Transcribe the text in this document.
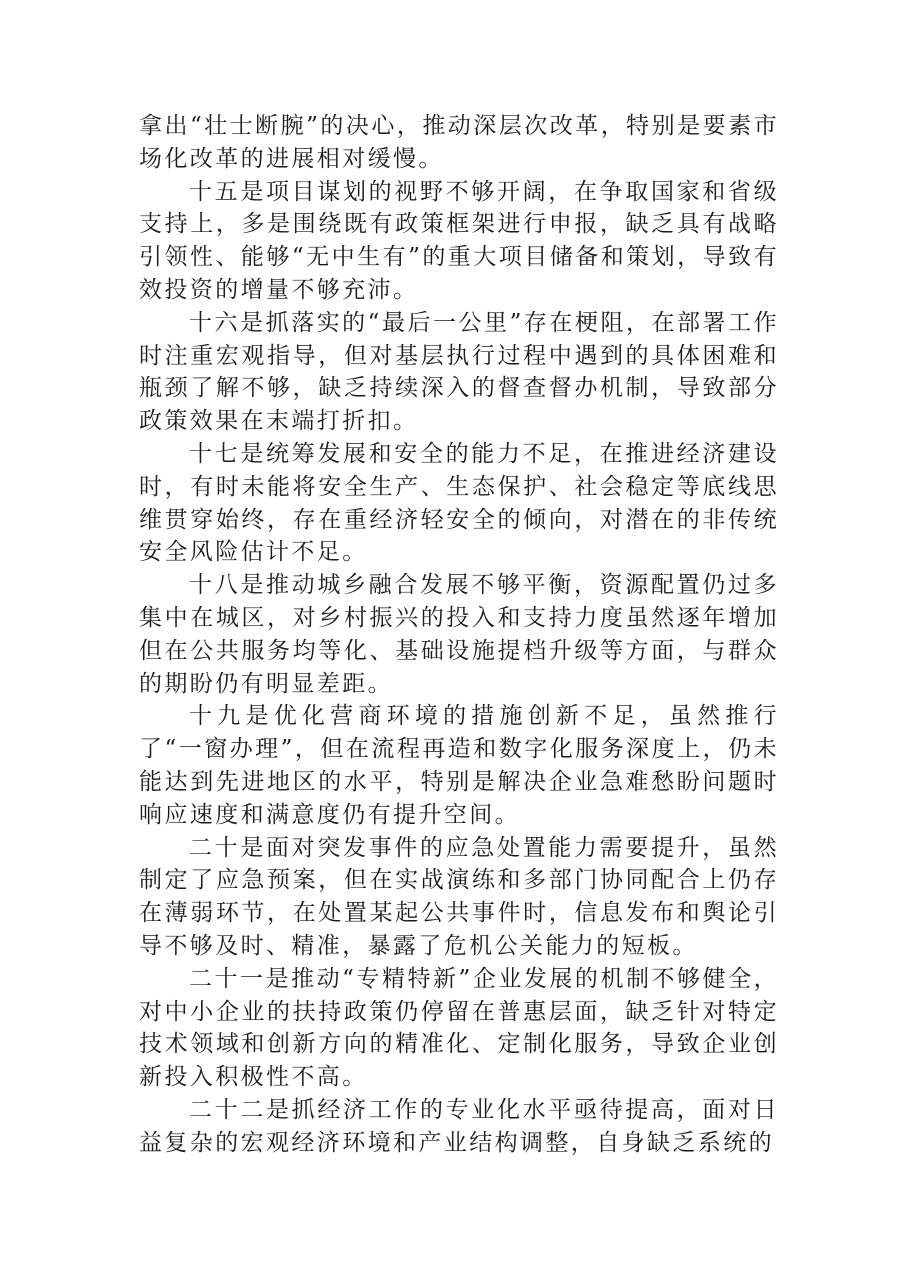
拿出“壮士断腕”的决心，推动深层次改革，特别是要素市场化改革的进展相对缓慢。

十五是项目谋划的视野不够开阔，在争取国家和省级支持上，多是围绕既有政策框架进行申报，缺乏具有战略引领性、能够“无中生有”的重大项目储备和策划，导致有效投资的增量不够充沛。

十六是抓落实的“最后一公里”存在梗阻，在部署工作时注重宏观指导，但对基层执行过程中遇到的具体困难和瓶颈了解不够，缺乏持续深入的督查督办机制，导致部分政策效果在末端打折扣。

十七是统筹发展和安全的能力不足，在推进经济建设时，有时未能将安全生产、生态保护、社会稳定等底线思维贯穿始终，存在重经济轻安全的倾向，对潜在的非传统安全风险估计不足。

十八是推动城乡融合发展不够平衡，资源配置仍过多集中在城区，对乡村振兴的投入和支持力度虽然逐年增加但在公共服务均等化、基础设施提档升级等方面，与群众的期盼仍有明显差距。

十九是优化营商环境的措施创新不足，虽然推行了“一窗办理”，但在流程再造和数字化服务深度上，仍未能达到先进地区的水平，特别是解决企业急难愁盼问题时响应速度和满意度仍有提升空间。

二十是面对突发事件的应急处置能力需要提升，虽然制定了应急预案，但在实战演练和多部门协同配合上仍存在薄弱环节，在处置某起公共事件时，信息发布和舆论引导不够及时、精准，暴露了危机公关能力的短板。

二十一是推动“专精特新”企业发展的机制不够健全，对中小企业的扶持政策仍停留在普惠层面，缺乏针对特定技术领域和创新方向的精准化、定制化服务，导致企业创新投入积极性不高。

二十二是抓经济工作的专业化水平亟待提高，面对日益复杂的宏观经济环境和产业结构调整，自身缺乏系统的
